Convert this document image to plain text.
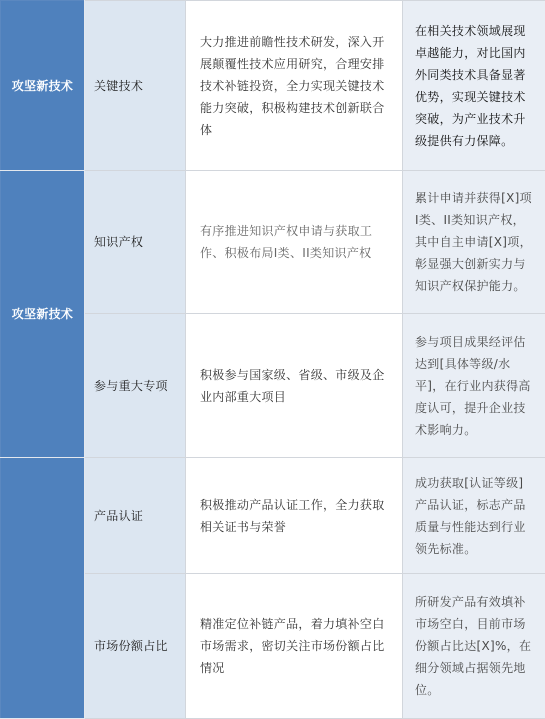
攻坚新技术	关键技术	大力推进前瞻性技术研发，深入开展颠覆性技术应用研究，合理安排技术补链投资，全力实现关键技术能力突破，积极构建技术创新联合体	在相关技术领域展现卓越能力，对比国内外同类技术具备显著优势，实现关键技术突破，为产业技术升级提供有力保障。

攻坚新技术	知识产权	有序推进知识产权申请与获取工作、积极布局I类、II类知识产权	累计申请并获得[X]项I类、II类知识产权，其中自主申请[X]项，彰显强大创新实力与知识产权保护能力。

	参与重大专项	积极参与国家级、省级、市级及企业内部重大项目	参与项目成果经评估达到[具体等级/水平]，在行业内获得高度认可，提升企业技术影响力。

	产品认证	积极推动产品认证工作，全力获取相关证书与荣誉	成功获取[认证等级]产品认证，标志产品质量与性能达到行业领先标准。

	市场份额占比	精准定位补链产品，着力填补空白市场需求，密切关注市场份额占比情况	所研发产品有效填补市场空白，目前市场份额占比达[X]%，在细分领域占据领先地位。
